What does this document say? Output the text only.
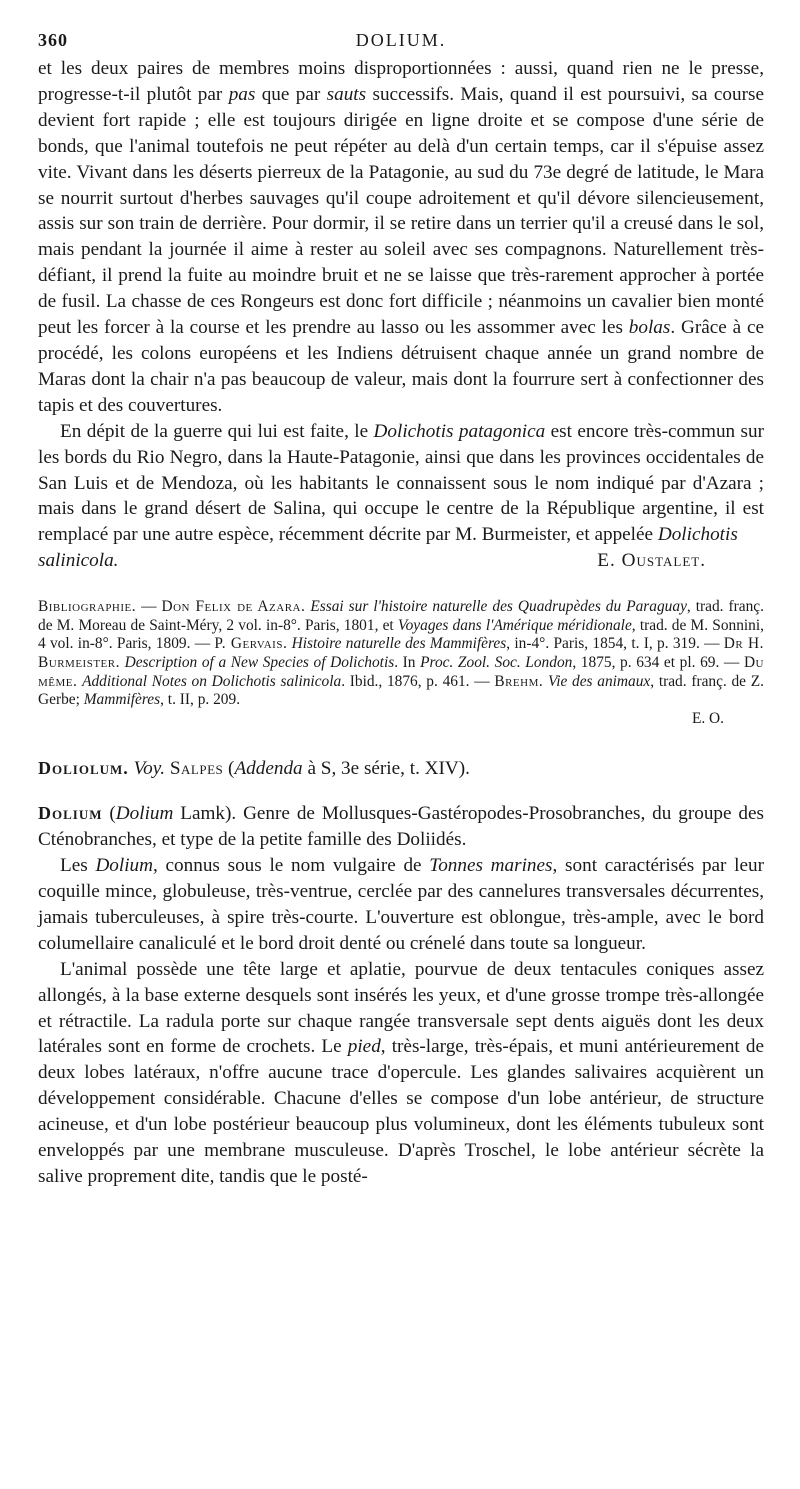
360	DOLIUM.

et les deux paires de membres moins disproportionnées : aussi, quand rien ne le presse, progresse-t-il plutôt par pas que par sauts successifs. Mais, quand il est poursuivi, sa course devient fort rapide ; elle est toujours dirigée en ligne droite et se compose d'une série de bonds, que l'animal toutefois ne peut répéter au delà d'un certain temps, car il s'épuise assez vite. Vivant dans les déserts pierreux de la Patagonie, au sud du 73e degré de latitude, le Mara se nourrit surtout d'herbes sauvages qu'il coupe adroitement et qu'il dévore silencieusement, assis sur son train de derrière. Pour dormir, il se retire dans un terrier qu'il a creusé dans le sol, mais pendant la journée il aime à rester au soleil avec ses compagnons. Naturellement très-défiant, il prend la fuite au moindre bruit et ne se laisse que très-rarement approcher à portée de fusil. La chasse de ces Rongeurs est donc fort difficile ; néanmoins un cavalier bien monté peut les forcer à la course et les prendre au lasso ou les assommer avec les bolas. Grâce à ce procédé, les colons européens et les Indiens détruisent chaque année un grand nombre de Maras dont la chair n'a pas beaucoup de valeur, mais dont la fourrure sert à confectionner des tapis et des couvertures.

En dépit de la guerre qui lui est faite, le Dolichotis patagonica est encore très-commun sur les bords du Rio Negro, dans la Haute-Patagonie, ainsi que dans les provinces occidentales de San Luis et de Mendoza, où les habitants le connaissent sous le nom indiqué par d'Azara ; mais dans le grand désert de Salina, qui occupe le centre de la République argentine, il est remplacé par une autre espèce, récemment décrite par M. Burmeister, et appelée Dolichotis

salinicola.	E. Oustalet.

Bibliographie. — Don Felix de Azara. Essai sur l'histoire naturelle des Quadrupèdes du Paraguay, trad. franç. de M. Moreau de Saint-Méry, 2 vol. in-8°. Paris, 1801, et Voyages dans l'Amérique méridionale, trad. de M. Sonnini, 4 vol. in-8°. Paris, 1809. — P. Gervais. Histoire naturelle des Mammifères, in-4°. Paris, 1854, t. I, p. 319. — Dr H. Burmeister. Description of a New Species of Dolichotis. In Proc. Zool. Soc. London, 1875, p. 634 et pl. 69. — Du même. Additional Notes on Dolichotis salinicola. Ibid., 1876, p. 461. — Brehm. Vie des animaux, trad. franç. de Z. Gerbe; Mammifères, t. II, p. 209.

E. O.

Doliolum. Voy. Salpes (Addenda à S, 3e série, t. XIV).

Dolium (Dolium Lamk). Genre de Mollusques-Gastéropodes-Prosobranches, du groupe des Cténobranches, et type de la petite famille des Doliidés.

Les Dolium, connus sous le nom vulgaire de Tonnes marines, sont caractérisés par leur coquille mince, globuleuse, très-ventrue, cerclée par des cannelures transversales décurrentes, jamais tuberculeuses, à spire très-courte. L'ouverture est oblongue, très-ample, avec le bord columellaire canaliculé et le bord droit denté ou crénelé dans toute sa longueur.

L'animal possède une tête large et aplatie, pourvue de deux tentacules coniques assez allongés, à la base externe desquels sont insérés les yeux, et d'une grosse trompe très-allongée et rétractile. La radula porte sur chaque rangée transversale sept dents aiguës dont les deux latérales sont en forme de crochets. Le pied, très-large, très-épais, et muni antérieurement de deux lobes latéraux, n'offre aucune trace d'opercule. Les glandes salivaires acquièrent un développement considérable. Chacune d'elles se compose d'un lobe antérieur, de structure acineuse, et d'un lobe postérieur beaucoup plus volumineux, dont les éléments tubuleux sont enveloppés par une membrane musculeuse. D'après Troschel, le lobe antérieur sécrète la salive proprement dite, tandis que le posté-
